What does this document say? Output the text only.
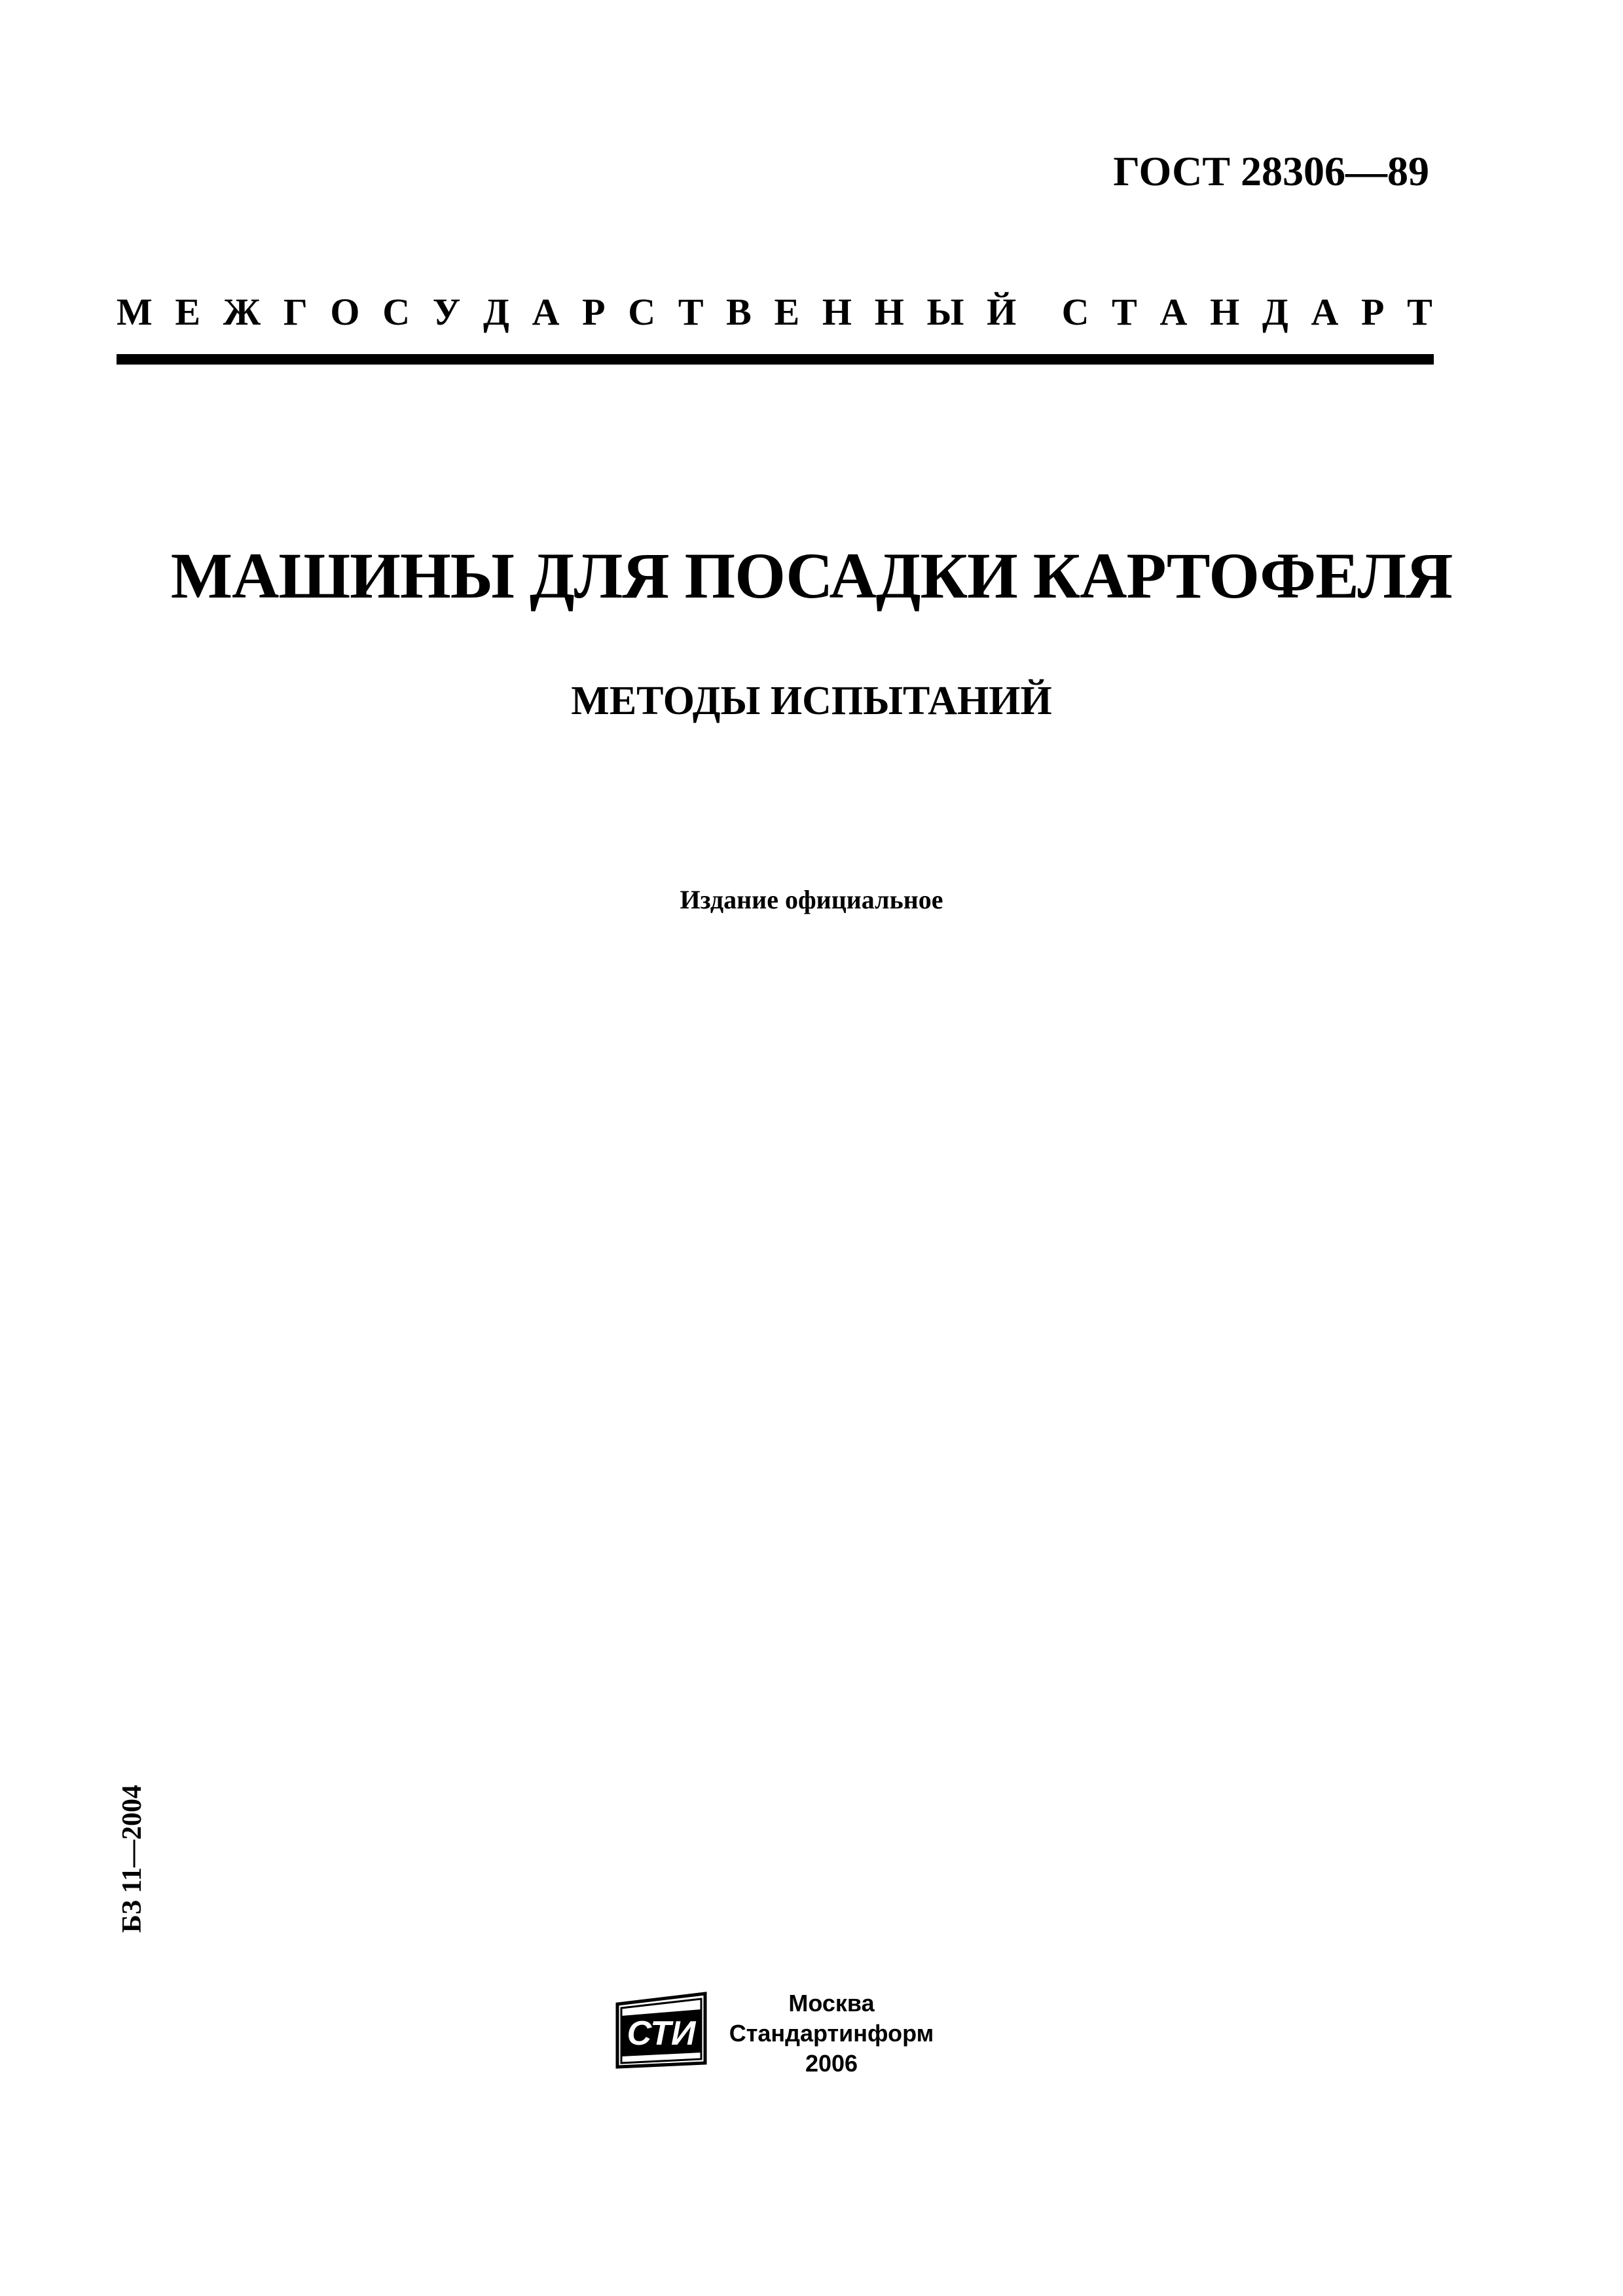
ГОСТ 28306—89
М Е Ж Г О С У Д А Р С Т В Е Н Н Ы Й С Т А Н Д А Р Т
МАШИНЫ ДЛЯ ПОСАДКИ КАРТОФЕЛЯ
МЕТОДЫ ИСПЫТАНИЙ
Издание официальное
БЗ 11—2004
СТИ
Москва
Стандартинформ
2006
